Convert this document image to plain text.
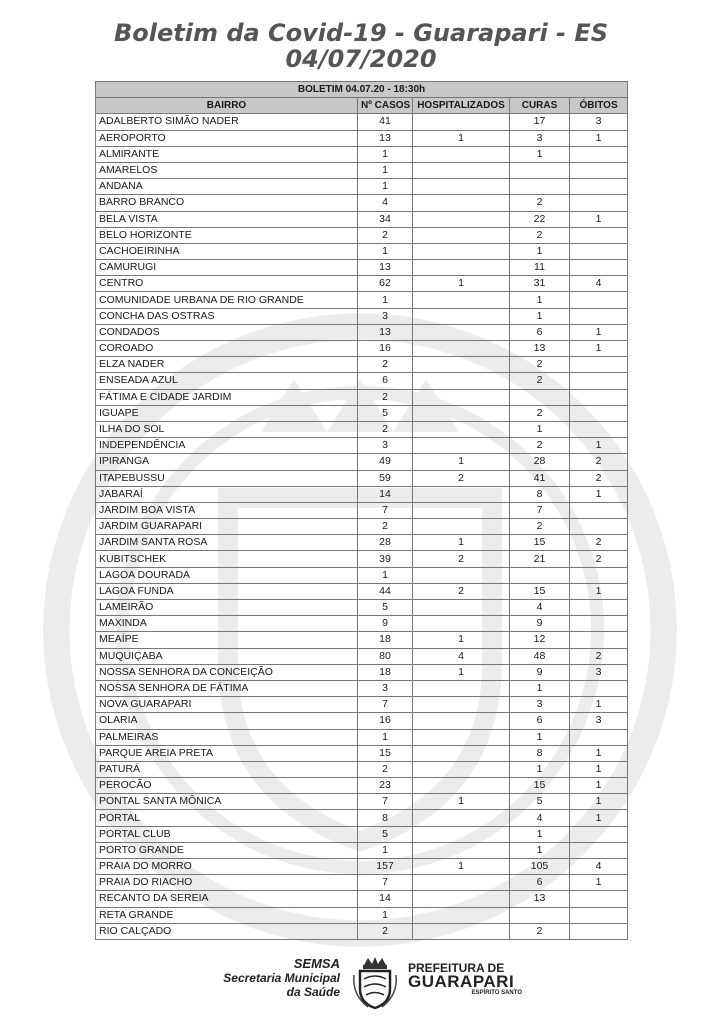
Boletim da Covid-19 - Guarapari - ES
04/07/2020
BOLETIM 04.07.20 - 18:30h				
BAIRRO	Nº CASOS	HOSPITALIZADOS	CURAS	ÓBITOS
ADALBERTO SIMÃO NADER	41		17	3
AEROPORTO	13	1	3	1
ALMIRANTE	1		1	
AMARELOS	1			
ANDANA	1			
BARRO BRANCO	4		2	
BELA VISTA	34		22	1
BELO HORIZONTE	2		2	
CACHOEIRINHA	1		1	
CAMURUGI	13		11	
CENTRO	62	1	31	4
COMUNIDADE URBANA DE RIO GRANDE	1		1	
CONCHA DAS OSTRAS	3		1	
CONDADOS	13		6	1
COROADO	16		13	1
ELZA NADER	2		2	
ENSEADA AZUL	6		2	
FÁTIMA E CIDADE JARDIM	2			
IGUAPE	5		2	
ILHA DO SOL	2		1	
INDEPENDÊNCIA	3		2	1
IPIRANGA	49	1	28	2
ITAPEBUSSU	59	2	41	2
JABARAÍ	14		8	1
JARDIM BOA VISTA	7		7	
JARDIM GUARAPARI	2		2	
JARDIM SANTA ROSA	28	1	15	2
KUBITSCHEK	39	2	21	2
LAGOA DOURADA	1			
LAGOA FUNDA	44	2	15	1
LAMEIRÃO	5		4	
MAXINDA	9		9	
MEAÍPE	18	1	12	
MUQUIÇABA	80	4	48	2
NOSSA SENHORA DA CONCEIÇÃO	18	1	9	3
NOSSA SENHORA DE FÁTIMA	3		1	
NOVA GUARAPARI	7		3	1
OLARIA	16		6	3
PALMEIRAS	1		1	
PARQUE AREIA PRETA	15		8	1
PATURÁ	2		1	1
PEROCÃO	23		15	1
PONTAL SANTA MÔNICA	7	1	5	1
PORTAL	8		4	1
PORTAL CLUB	5		1	
PORTO GRANDE	1		1	
PRAIA DO MORRO	157	1	105	4
PRAIA DO RIACHO	7		6	1
RECANTO DA SEREIA	14		13	
RETA GRANDE	1			
RIO CALÇADO	2		2	
SEMSA
Secretaria Municipal
da Saúde
PREFEITURA DE
GUARAPARI
ESPÍRITO SANTO
